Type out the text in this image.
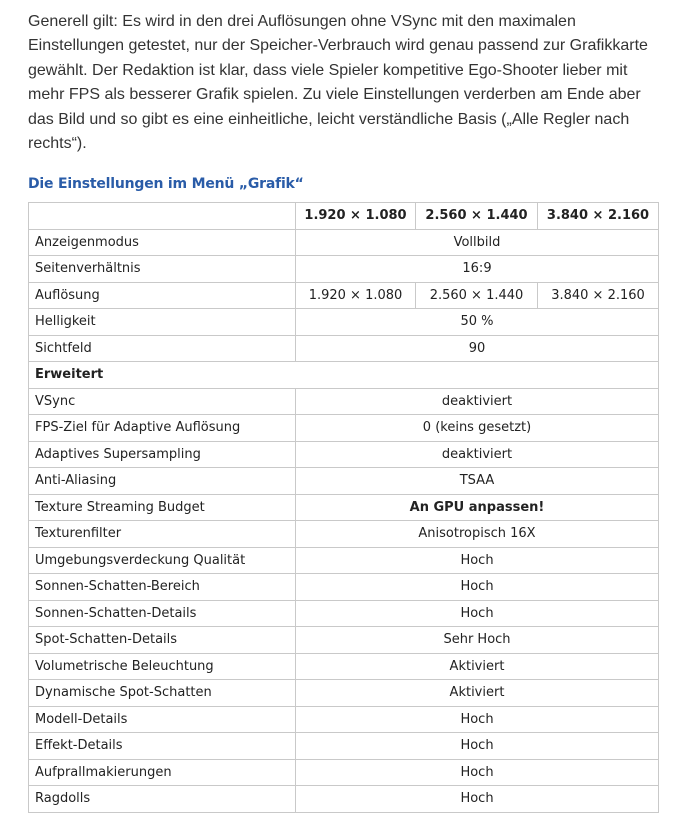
Generell gilt: Es wird in den drei Auflösungen ohne VSync mit den maximalen Einstellungen getestet, nur der Speicher-Verbrauch wird genau passend zur Grafikkarte gewählt. Der Redaktion ist klar, dass viele Spieler kompetitive Ego-Shooter lieber mit mehr FPS als besserer Grafik spielen. Zu viele Einstellungen verderben am Ende aber das Bild und so gibt es eine einheitliche, leicht verständliche Basis („Alle Regler nach rechts“).

Die Einstellungen im Menü „Grafik“
	1.920 × 1.080	2.560 × 1.440	3.840 × 2.160
Anzeigenmodus	Vollbild		
Seitenverhältnis	16:9		
Auflösung	1.920 × 1.080	2.560 × 1.440	3.840 × 2.160
Helligkeit	50 %		
Sichtfeld	90		
Erweitert			
VSync	deaktiviert		
FPS-Ziel für Adaptive Auflösung	0 (keins gesetzt)		
Adaptives Supersampling	deaktiviert		
Anti-Aliasing	TSAA		
Texture Streaming Budget	An GPU anpassen!		
Texturenfilter	Anisotropisch 16X		
Umgebungsverdeckung Qualität	Hoch		
Sonnen-Schatten-Bereich	Hoch		
Sonnen-Schatten-Details	Hoch		
Spot-Schatten-Details	Sehr Hoch		
Volumetrische Beleuchtung	Aktiviert		
Dynamische Spot-Schatten	Aktiviert		
Modell-Details	Hoch		
Effekt-Details	Hoch		
Aufprallmakierungen	Hoch		
Ragdolls	Hoch		
